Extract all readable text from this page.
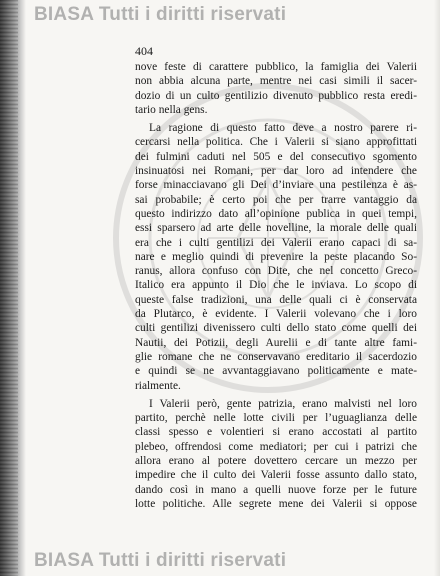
BIASA Tutti i diritti riservati
404
nove feste di carattere pubblico, la famiglia dei Valerii
non abbia alcuna parte, mentre nei casi simili il sacer-
dozio di un culto gentilizio divenuto pubblico resta eredi-
tario nella gens.
La ragione di questo fatto deve a nostro parere ri-
cercarsi nella politica. Che i Valerii si siano approfittati
dei fulmini caduti nel 505 e del consecutivo sgomento
insinuatosi nei Romani, per dar loro ad intendere che
forse minacciavano gli Dei d’inviare una pestilenza è as-
sai probabile; è certo poi che per trarre vantaggio da
questo indirizzo dato all’opinione publica in quei tempi,
essi sparsero ad arte delle novelline, la morale delle quali
era che i culti gentilizi dei Valerii erano capaci di sa-
nare e meglio quindi di prevenire la peste placando So-
ranus, allora confuso con Dite, che nel concetto Greco-
Italico era appunto il Dio che le inviava. Lo scopo di
queste false tradizioni, una delle quali ci è conservata
da Plutarco, è evidente. I Valerii volevano che i loro
culti gentilizi divenissero culti dello stato come quelli dei
Nautii, dei Potizii, degli Aurelii e di tante altre fami-
glie romane che ne conservavano ereditario il sacerdozio
e quindi se ne avvantaggiavano politicamente e mate-
rialmente.
I Valerii però, gente patrizia, erano malvisti nel loro
partito, perchè nelle lotte civili per l’uguaglianza delle
classi spesso e volentieri si erano accostati al partito
plebeo, offrendosi come mediatori; per cui i patrizi che
allora erano al potere dovettero cercare un mezzo per
impedire che il culto dei Valerii fosse assunto dallo stato,
dando così in mano a quelli nuove forze per le future
lotte politiche. Alle segrete mene dei Valerii si oppose
BIASA Tutti i diritti riservati
